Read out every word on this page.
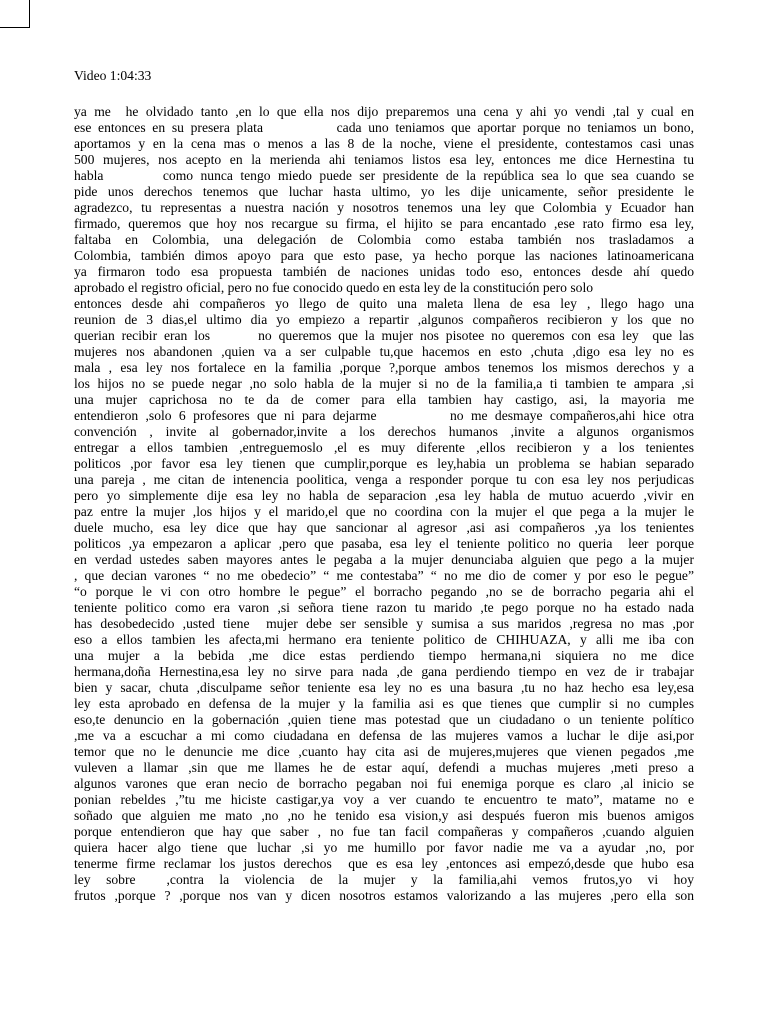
Video 1:04:33
ya me  he olvidado tanto ,en lo que ella nos dijo preparemos una cena y ahi yo vendi ,tal y cual en
ese entonces en su presera plata           cada uno teniamos que aportar porque no teniamos un bono,
aportamos y en la cena mas o menos a las 8 de la noche, viene el presidente, contestamos casi unas
500 mujeres, nos acepto en la merienda ahi teniamos listos esa ley, entonces me dice Hernestina tu
habla        como nunca tengo miedo puede ser presidente de la república sea lo que sea cuando se
pide unos derechos tenemos que luchar hasta ultimo, yo les dije unicamente, señor presidente le
agradezco, tu representas a nuestra nación y nosotros tenemos una ley que Colombia y Ecuador han
firmado, queremos que hoy nos recargue su firma, el hijito se para encantado ,ese rato firmo esa ley,
faltaba en Colombia, una delegación de Colombia como estaba también nos trasladamos a
Colombia, también dimos apoyo para que esto pase, ya hecho porque las naciones latinoamericana
ya firmaron todo esa propuesta también de naciones unidas todo eso, entonces desde ahí quedo
aprobado el registro oficial, pero no fue conocido quedo en esta ley de la constitución pero solo
entonces desde ahi compañeros yo llego de quito una maleta llena de esa ley , llego hago una
reunion de 3 dias,el ultimo dia yo empiezo a repartir ,algunos compañeros recibieron y los que no
querian recibir eran los       no queremos que la mujer nos pisotee no queremos con esa ley  que las
mujeres nos abandonen ,quien va a ser culpable tu,que hacemos en esto ,chuta ,digo esa ley no es
mala , esa ley nos fortalece en la familia ,porque ?,porque ambos tenemos los mismos derechos y a
los hijos no se puede negar ,no solo habla de la mujer si no de la familia,a ti tambien te ampara ,si
una mujer caprichosa no te da de comer para ella tambien hay castigo, asi, la mayoria me
entendieron ,solo 6 profesores que ni para dejarme          no me desmaye compañeros,ahi hice otra
convención , invite al gobernador,invite a los derechos humanos ,invite a algunos organismos
entregar a ellos tambien ,entreguemoslo ,el es muy diferente ,ellos recibieron y a los tenientes
politicos ,por favor esa ley tienen que cumplir,porque es ley,habia un problema se habian separado
una pareja , me citan de intenencia poolitica, venga a responder porque tu con esa ley nos perjudicas
pero yo simplemente dije esa ley no habla de separacion ,esa ley habla de mutuo acuerdo ,vivir en
paz entre la mujer ,los hijos y el marido,el que no coordina con la mujer el que pega a la mujer le
duele mucho, esa ley dice que hay que sancionar al agresor ,asi asi compañeros ,ya los tenientes
politicos ,ya empezaron a aplicar ,pero que pasaba, esa ley el teniente politico no queria  leer porque
en verdad ustedes saben mayores antes le pegaba a la mujer denunciaba alguien que pego a la mujer
, que decian varones “ no me obedecio” “ me contestaba” “ no me dio de comer y por eso le pegue”
“o porque le vi con otro hombre le pegue” el borracho pegando ,no se de borracho pegaria ahi el
teniente politico como era varon ,si señora tiene razon tu marido ,te pego porque no ha estado nada
has desobedecido ,usted tiene  mujer debe ser sensible y sumisa a sus maridos ,regresa no mas ,por
eso a ellos tambien les afecta,mi hermano era teniente politico de CHIHUAZA, y alli me iba con
una mujer a la bebida ,me dice estas perdiendo tiempo hermana,ni siquiera no me dice
hermana,doña Hernestina,esa ley no sirve para nada ,de gana perdiendo tiempo en vez de ir trabajar
bien y sacar, chuta ,disculpame señor teniente esa ley no es una basura ,tu no haz hecho esa ley,esa
ley esta aprobado en defensa de la mujer y la familia asi es que tienes que cumplir si no cumples
eso,te denuncio en la gobernación ,quien tiene mas potestad que un ciudadano o un teniente político
,me va a escuchar a mi como ciudadana en defensa de las mujeres vamos a luchar le dije asi,por
temor que no le denuncie me dice ,cuanto hay cita asi de mujeres,mujeres que vienen pegados ,me
vuleven a llamar ,sin que me llames he de estar aquí, defendi a muchas mujeres ,meti preso a
algunos varones que eran necio de borracho pegaban noi fui enemiga porque es claro ,al inicio se
ponian rebeldes ,”tu me hiciste castigar,ya voy a ver cuando te encuentro te mato”, matame no e
soñado que alguien me mato ,no ,no he tenido esa vision,y asi después fueron mis buenos amigos
porque entendieron que hay que saber , no fue tan facil compañeras y compañeros ,cuando alguien
quiera hacer algo tiene que luchar ,si yo me humillo por favor nadie me va a ayudar ,no, por
tenerme firme reclamar los justos derechos  que es esa ley ,entonces asi empezó,desde que hubo esa
ley sobre  ,contra la violencia de la mujer y la familia,ahi vemos frutos,yo vi hoy
frutos ,porque ? ,porque nos van y dicen nosotros estamos valorizando a las mujeres ,pero ella son
